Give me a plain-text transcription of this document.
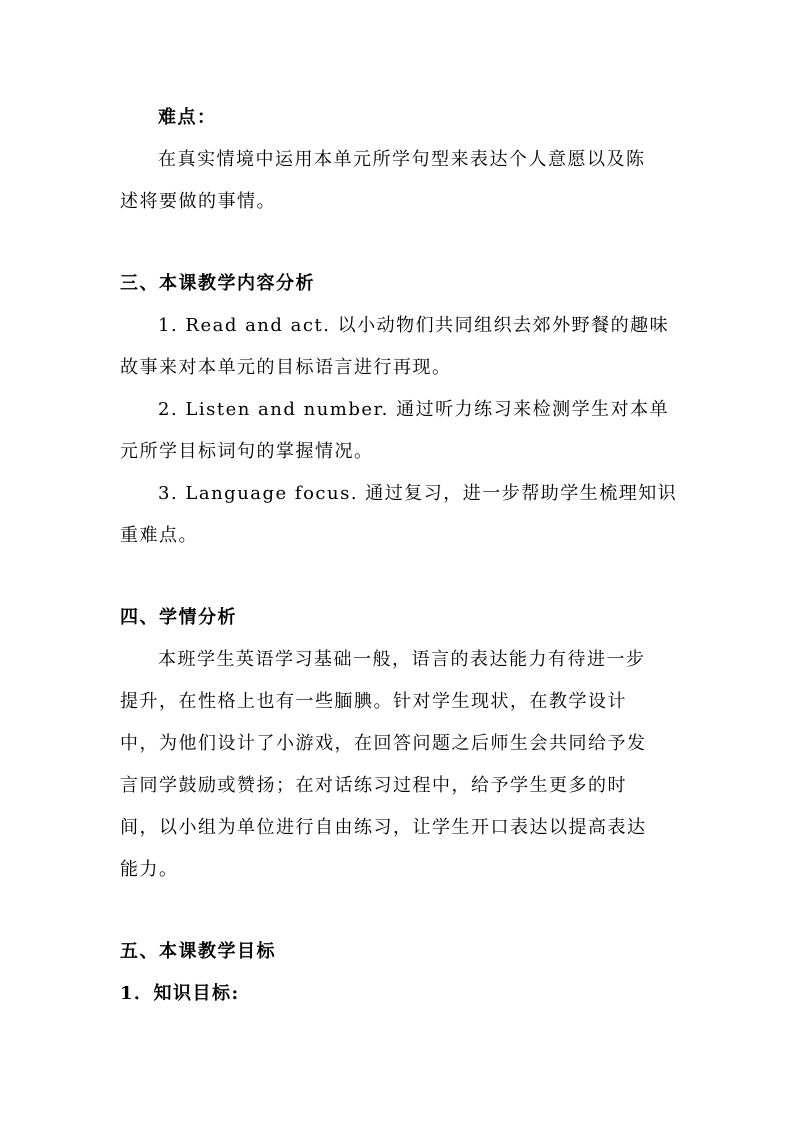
难点：
在真实情境中运用本单元所学句型来表达个人意愿以及陈
述将要做的事情。
三、本课教学内容分析
1. Read and act. 以小动物们共同组织去郊外野餐的趣味
故事来对本单元的目标语言进行再现。
2. Listen and number. 通过听力练习来检测学生对本单
元所学目标词句的掌握情况。
3. Language focus. 通过复习，进一步帮助学生梳理知识
重难点。
四、学情分析
本班学生英语学习基础一般，语言的表达能力有待进一步
提升，在性格上也有一些腼腆。针对学生现状，在教学设计
中，为他们设计了小游戏，在回答问题之后师生会共同给予发
言同学鼓励或赞扬；在对话练习过程中，给予学生更多的时
间，以小组为单位进行自由练习，让学生开口表达以提高表达
能力。
五、本课教学目标
1．知识目标:
